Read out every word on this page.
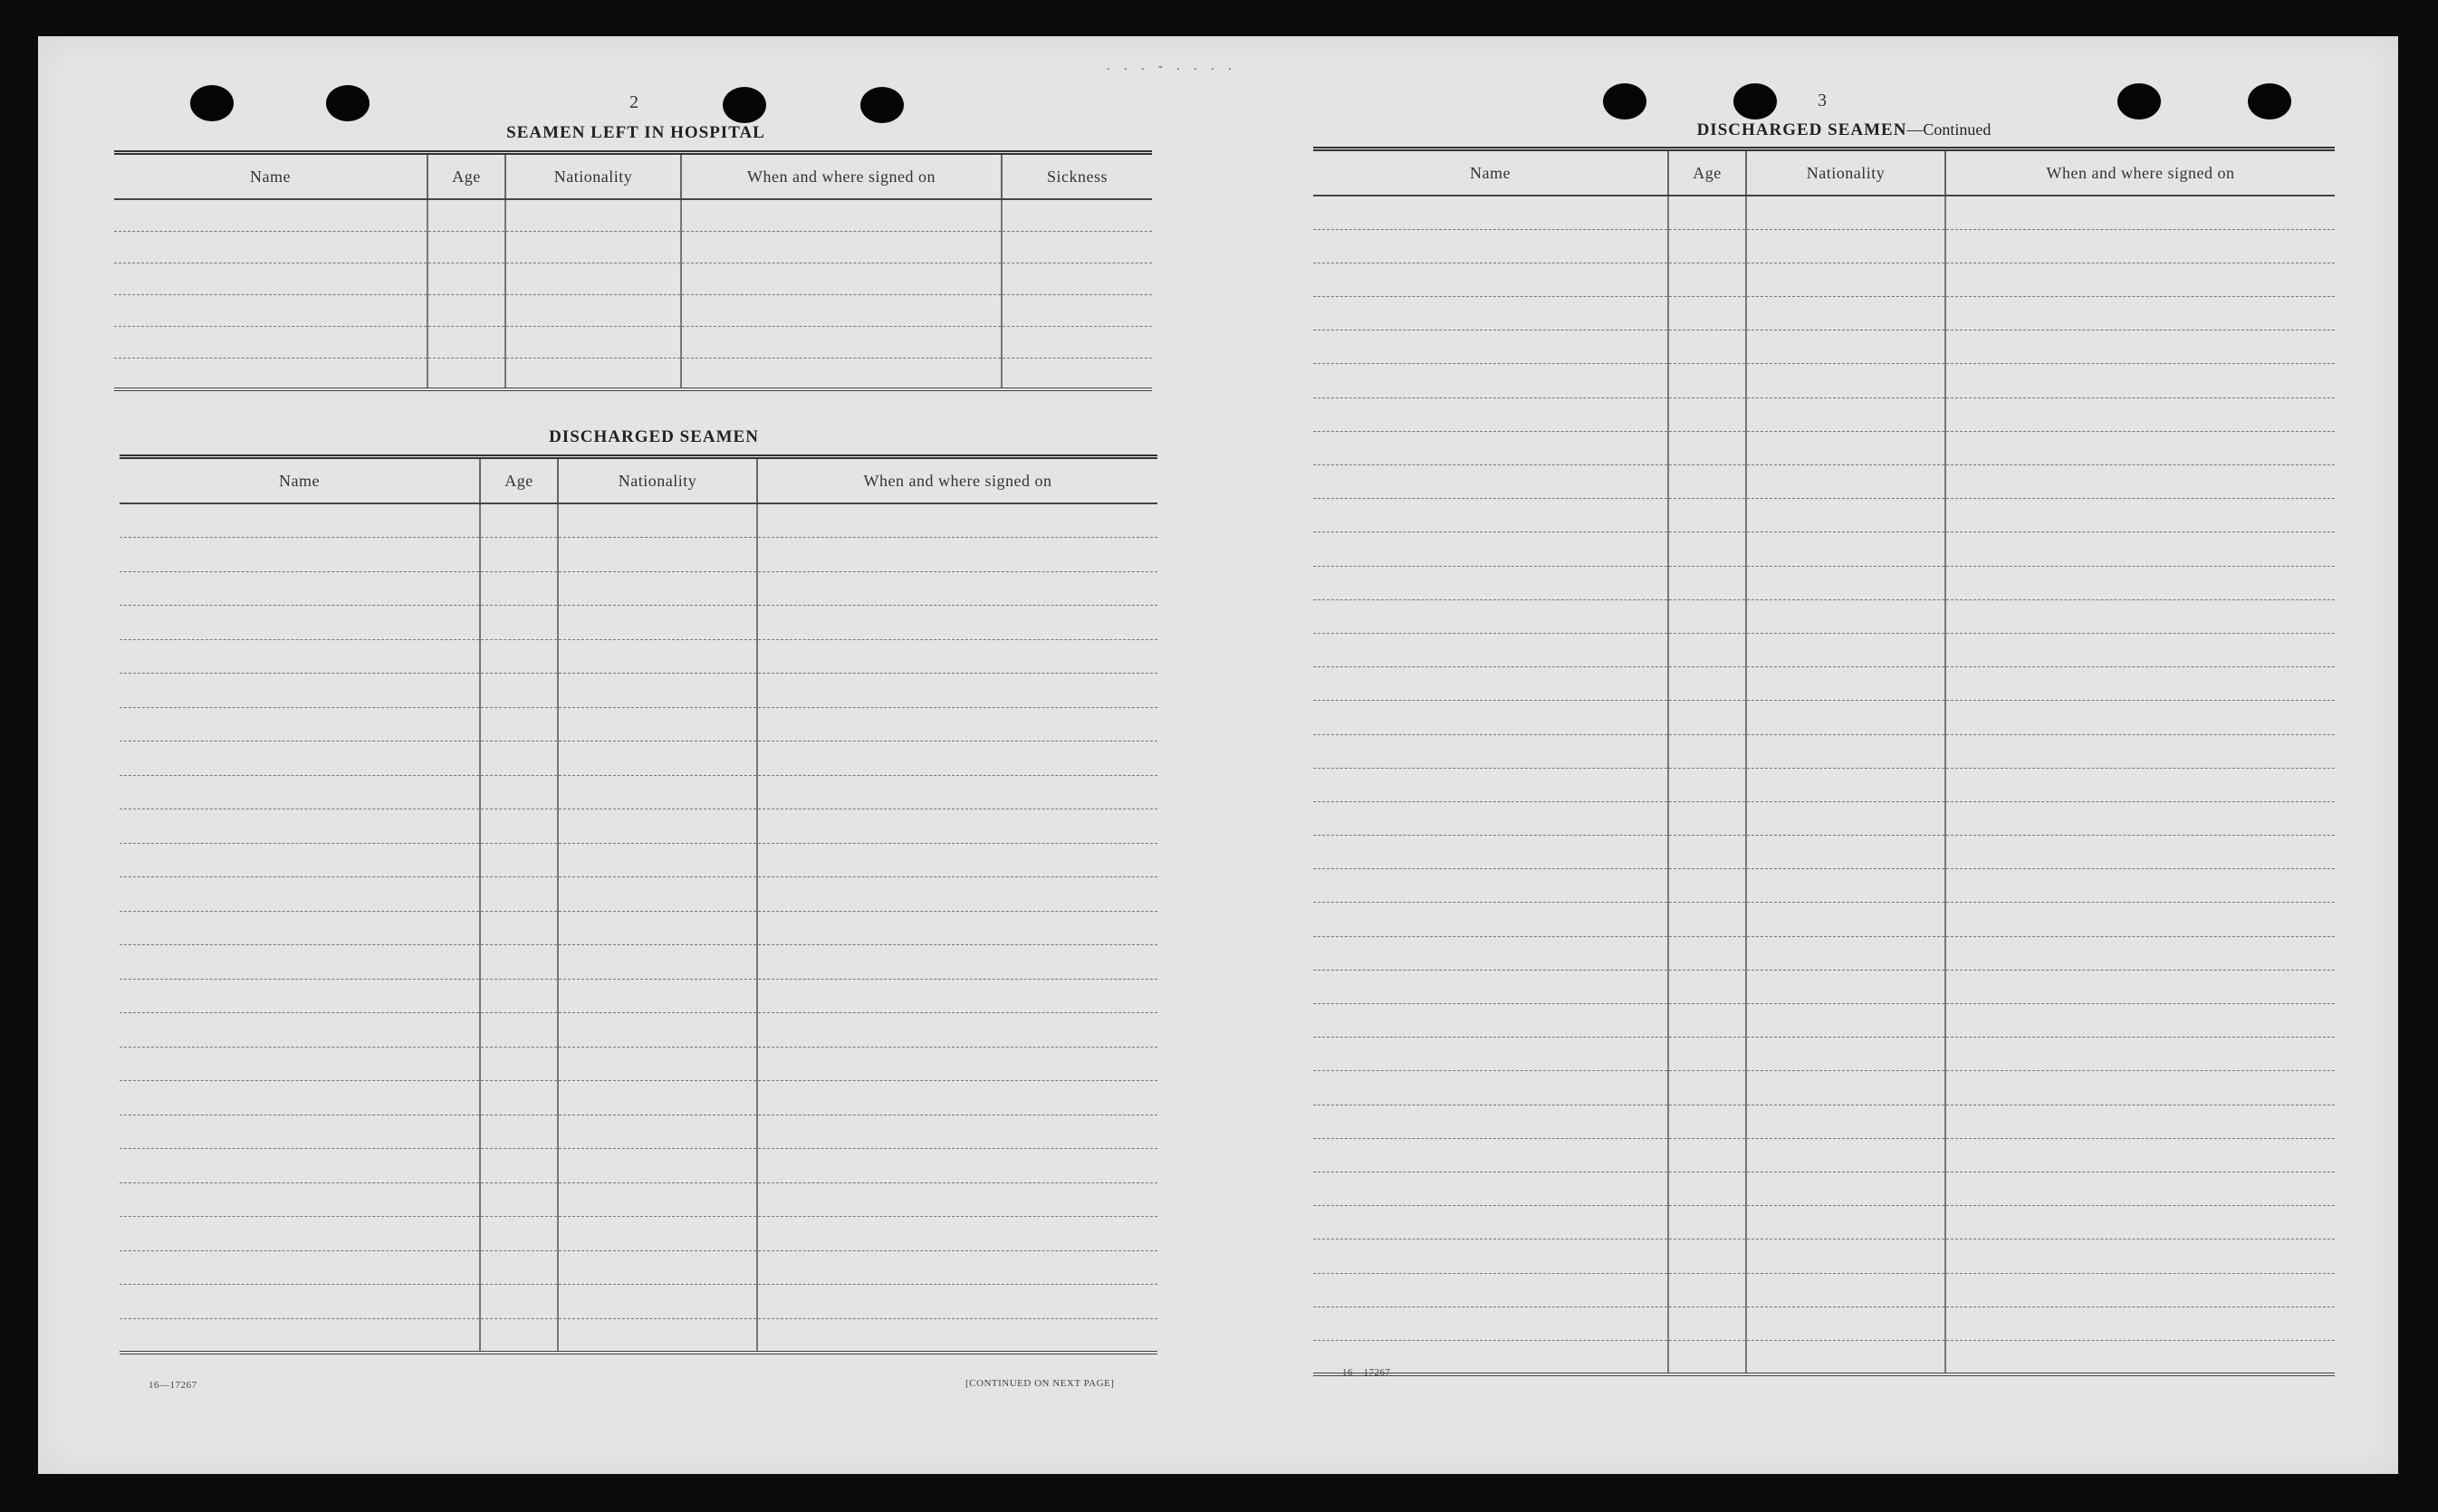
. . . - . . . .
2
SEAMEN LEFT IN HOSPITAL
Name	Age	Nationality	When and where signed on	Sickness

DISCHARGED SEAMEN
Name	Age	Nationality	When and where signed on

16—17267	[CONTINUED ON NEXT PAGE]
3
DISCHARGED SEAMEN—Continued
Name	Age	Nationality	When and where signed on

16—17267
